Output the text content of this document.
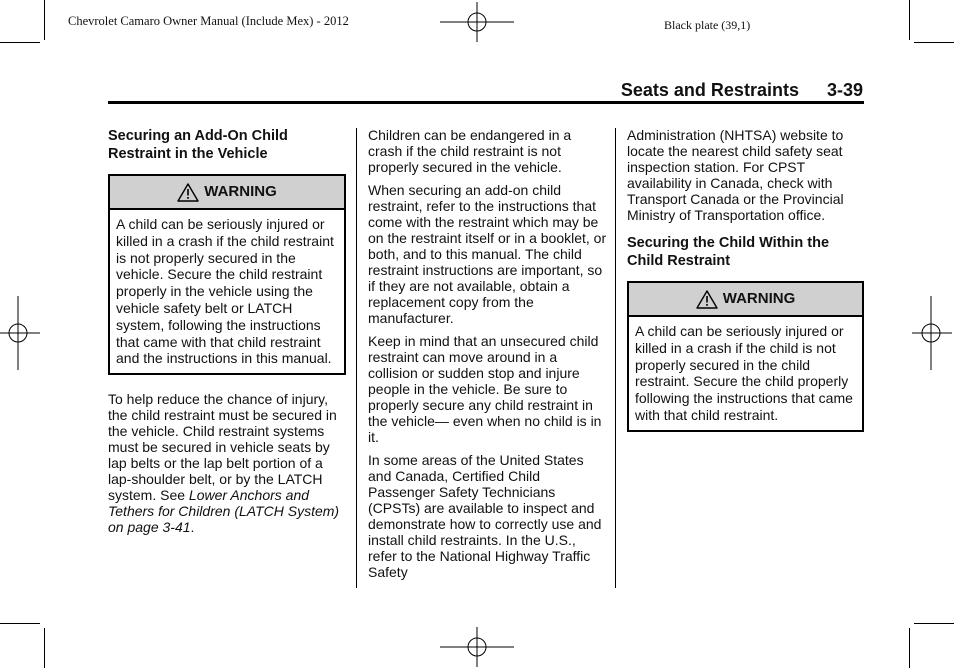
Chevrolet Camaro Owner Manual (Include Mex) - 2012	Black plate (39,1)
Seats and Restraints 3-39
Securing an Add-On Child Restraint in the Vehicle
WARNING
A child can be seriously injured or killed in a crash if the child restraint is not properly secured in the vehicle. Secure the child restraint properly in the vehicle using the vehicle safety belt or LATCH system, following the instructions that came with that child restraint and the instructions in this manual.

To help reduce the chance of injury, the child restraint must be secured in the vehicle. Child restraint systems must be secured in vehicle seats by lap belts or the lap belt portion of a lap-shoulder belt, or by the LATCH system. See Lower Anchors and Tethers for Children (LATCH System) on page 3-41.

Children can be endangered in a crash if the child restraint is not properly secured in the vehicle.

When securing an add-on child restraint, refer to the instructions that come with the restraint which may be on the restraint itself or in a booklet, or both, and to this manual. The child restraint instructions are important, so if they are not available, obtain a replacement copy from the manufacturer.

Keep in mind that an unsecured child restraint can move around in a collision or sudden stop and injure people in the vehicle. Be sure to properly secure any child restraint in the vehicle— even when no child is in it.

In some areas of the United States and Canada, Certified Child Passenger Safety Technicians (CPSTs) are available to inspect and demonstrate how to correctly use and install child restraints. In the U.S., refer to the National Highway Traffic Safety

Administration (NHTSA) website to locate the nearest child safety seat inspection station. For CPST availability in Canada, check with Transport Canada or the Provincial Ministry of Transportation office.

Securing the Child Within the Child Restraint
WARNING
A child can be seriously injured or killed in a crash if the child is not properly secured in the child restraint. Secure the child properly following the instructions that came with that child restraint.
